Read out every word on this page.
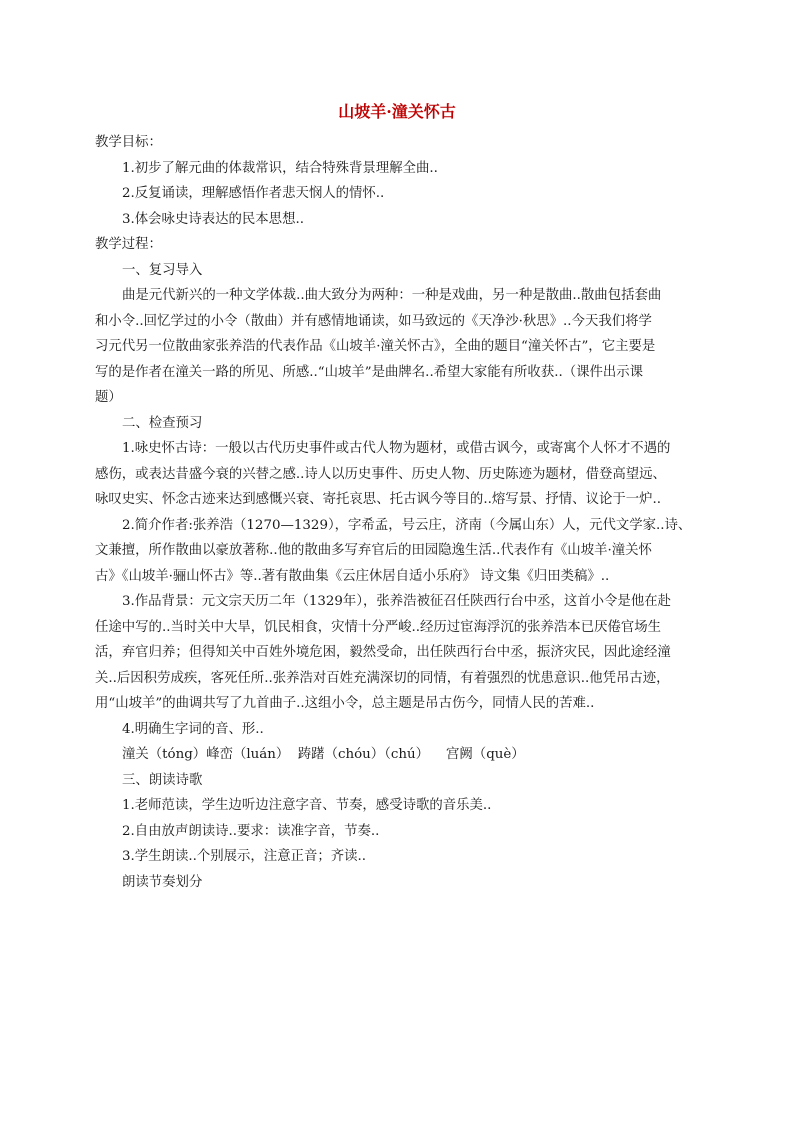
山坡羊·潼关怀古
教学目标：
1.初步了解元曲的体裁常识，结合特殊背景理解全曲..
2.反复诵读，理解感悟作者悲天悯人的情怀..
3.体会咏史诗表达的民本思想..
教学过程：
一、复习导入
曲是元代新兴的一种文学体裁..曲大致分为两种：一种是戏曲，另一种是散曲..散曲包括套曲
和小令..回忆学过的小令（散曲）并有感情地诵读，如马致远的《天净沙·秋思》..今天我们将学
习元代另一位散曲家张养浩的代表作品《山坡羊·潼关怀古》，全曲的题目“潼关怀古”，它主要是
写的是作者在潼关一路的所见、所感..“山坡羊”是曲牌名..希望大家能有所收获..（课件出示课
题）
二、检查预习
1.咏史怀古诗：一般以古代历史事件或古代人物为题材，或借古讽今，或寄寓个人怀才不遇的
感伤，或表达昔盛今衰的兴替之感..诗人以历史事件、历史人物、历史陈迹为题材，借登高望远、
咏叹史实、怀念古迹来达到感慨兴衰、寄托哀思、托古讽今等目的..熔写景、抒情、议论于一炉..
2.简介作者:张养浩（1270—1329），字希孟，号云庄，济南（今属山东）人，元代文学家..诗、
文兼擅，所作散曲以豪放著称..他的散曲多写弃官后的田园隐逸生活..代表作有《山坡羊·潼关怀
古》《山坡羊·骊山怀古》等..著有散曲集《云庄休居自适小乐府》 诗文集《归田类稿》..
3.作品背景：元文宗天历二年（1329年），张养浩被征召任陕西行台中丞，这首小令是他在赴
任途中写的..当时关中大旱，饥民相食，灾情十分严峻..经历过宦海浮沉的张养浩本已厌倦官场生
活，弃官归养；但得知关中百姓外境危困，毅然受命，出任陕西行台中丞，振济灾民，因此途经潼
关..后因积劳成疾，客死任所..张养浩对百姓充满深切的同情，有着强烈的忧患意识..他凭吊古迹，
用“山坡羊”的曲调共写了九首曲子..这组小令，总主题是吊古伤今，同情人民的苦难..
4.明确生字词的音、形..
潼关（tóng）峰峦（luán）  踌躇（chóu）（chú）    宫阙（què）
三、朗读诗歌
1.老师范读，学生边听边注意字音、节奏，感受诗歌的音乐美..
2.自由放声朗读诗..要求：读准字音，节奏..
3.学生朗读..个别展示，注意正音；齐读..
朗读节奏划分
